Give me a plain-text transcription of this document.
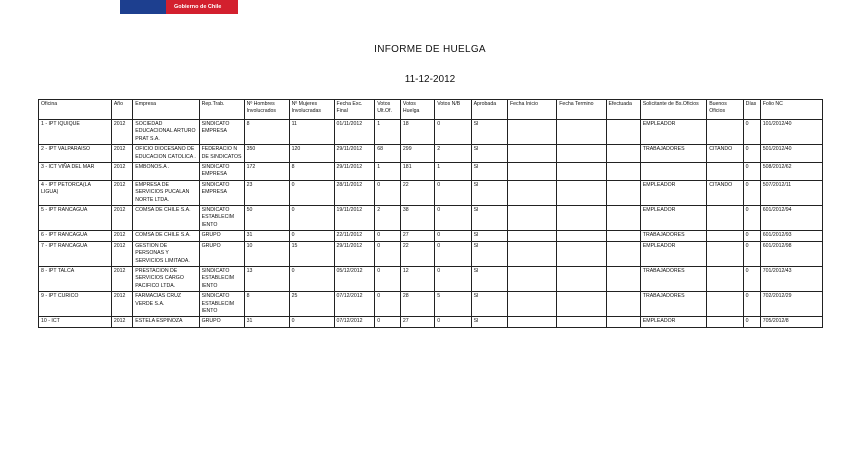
Gobierno de Chile
INFORME DE HUELGA
11-12-2012
Oficina	Año	Empresa	Rep.Trab.	Nº Hombres Involucrados	Nº Mujeres Involucradas	Fecha Exc. Final	Votos Ult.Of.	Votos Huelga	Votos N/B	Aprobada	Fecha Inicio	Fecha Termino	Efectuada	Solicitante de Bs.Oficios	Buenos Oficios	Días	Folio NC
1 - IPT IQUIQUE	2012	SOCIEDAD EDUCACIONAL ARTURO PRAT S.A.	SINDICATO EMPRESA	8	11	01/11/2012	1	18	0	SI				EMPLEADOR		0	101/2012/40
2 - IPT VALPARAISO	2012	OFICIO DIOCESANO DE EDUCACION CATOLICA .	FEDERACIO N DE SINDICATOS	350	120	29/11/2012	68	299	2	SI				TRABAJADORES	CITANDO	0	501/2012/40
3 - ICT VIÑA DEL MAR	2012	EMBONOS.A .	SINDICATO EMPRESA	172	8	29/11/2012	1	181	1	SI						0	508/2012/62
4 - IPT PETORCA(LA LIGUA)	2012	EMPRESA DE SERVICIOS PUCALAN NORTE LTDA.	SINDICATO EMPRESA	23	0	28/11/2012	0	22	0	SI				EMPLEADOR	CITANDO	0	507/2012/11
5 - IPT RANCAGUA	2012	COMSA DE CHILE S.A.	SINDICATO ESTABLECIM IENTO	50	0	19/11/2012	2	38	0	SI				EMPLEADOR		0	601/2012/94
6 - IPT RANCAGUA	2012	COMSA DE CHILE S.A.	GRUPO	31	0	22/11/2012	0	27	0	SI				TRABAJADORES		0	601/2012/93
7 - IPT RANCAGUA	2012	GESTION DE PERSONAS Y SERVICIOS LIMITADA.	GRUPO	10	15	29/11/2012	0	22	0	SI				EMPLEADOR		0	601/2012/98
8 - IPT TALCA	2012	PRESTACION DE SERVICIOS CARGO PACIFICO LTDA.	SINDICATO ESTABLECIM IENTO	13	0	05/12/2012	0	12	0	SI				TRABAJADORES		0	701/2012/43
9 - IPT CURICO	2012	FARMACIAS CRUZ VERDE S.A.	SINDICATO ESTABLECIM IENTO	8	25	07/12/2012	0	28	5	SI				TRABAJADORES		0	702/2012/29
10 - ICT	2012	ESTELA ESPINOZA	GRUPO	31	0	07/12/2012	0	27	0	SI				EMPLEADOR		0	705/2012/8
